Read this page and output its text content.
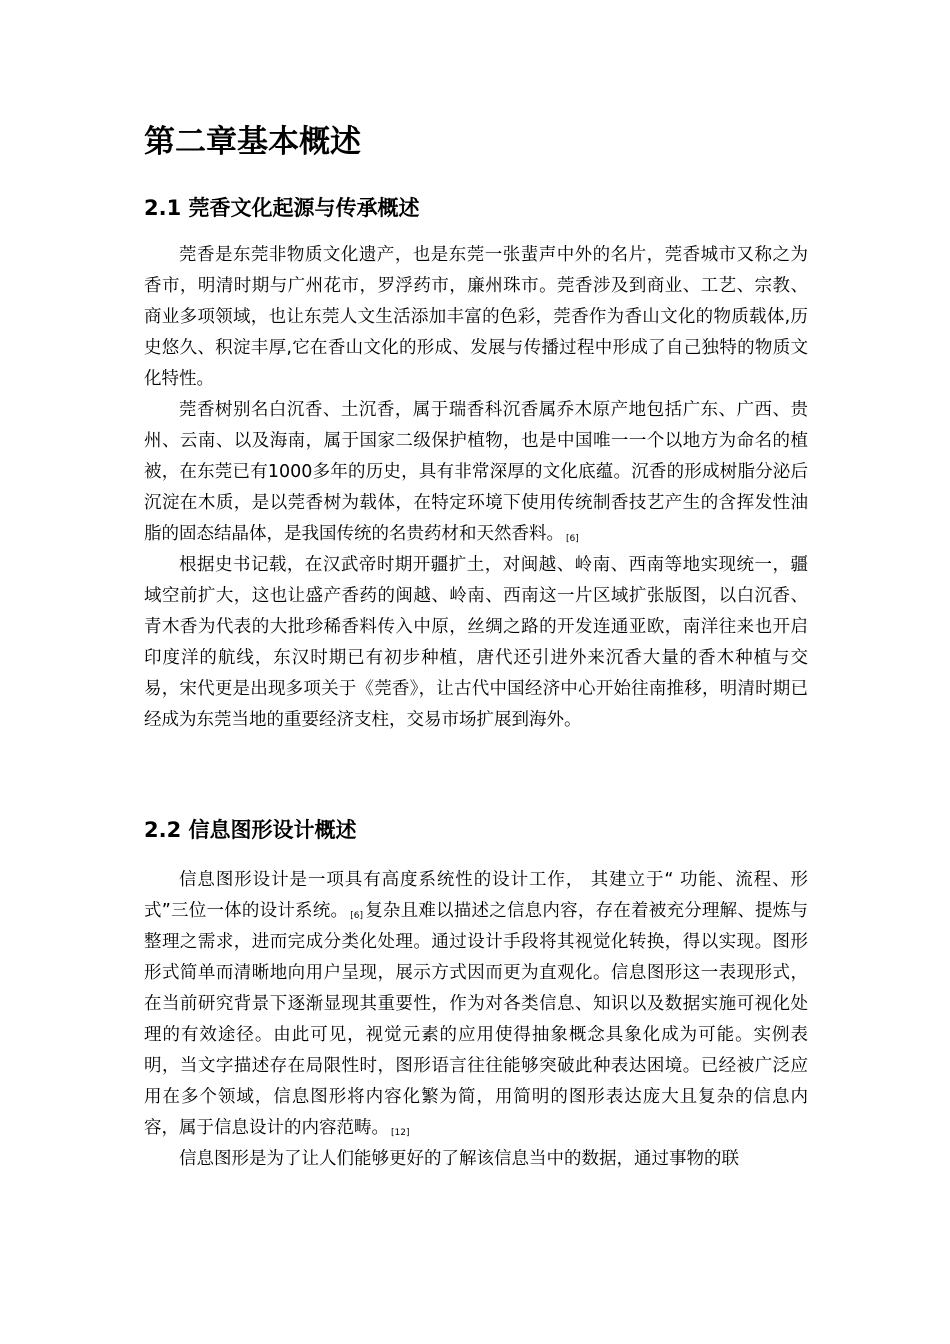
第二章基本概述
2.1 莞香文化起源与传承概述

莞香是东莞非物质文化遗产，也是东莞一张蜚声中外的名片，莞香城市又称之为香市，明清时期与广州花市，罗浮药市，廉州珠市。莞香涉及到商业、工艺、宗教、商业多项领域，也让东莞人文生活添加丰富的色彩，莞香作为香山文化的物质载体,历史悠久、积淀丰厚,它在香山文化的形成、发展与传播过程中形成了自己独特的物质文化特性。

莞香树别名白沉香、土沉香，属于瑞香科沉香属乔木原产地包括广东、广西、贵州、云南、以及海南，属于国家二级保护植物，也是中国唯一一个以地方为命名的植被，在东莞已有1000多年的历史，具有非常深厚的文化底蕴。沉香的形成树脂分泌后沉淀在木质，是以莞香树为载体，在特定环境下使用传统制香技艺产生的含挥发性油脂的固态结晶体，是我国传统的名贵药材和天然香料。 [6]

根据史书记载，在汉武帝时期开疆扩土，对闽越、岭南、西南等地实现统一，疆域空前扩大，这也让盛产香药的闽越、岭南、西南这一片区域扩张版图，以白沉香、青木香为代表的大批珍稀香料传入中原，丝绸之路的开发连通亚欧，南洋往来也开启印度洋的航线，东汉时期已有初步种植，唐代还引进外来沉香大量的香木种植与交易，宋代更是出现多项关于《莞香》，让古代中国经济中心开始往南推移，明清时期已经成为东莞当地的重要经济支柱，交易市场扩展到海外。

2.2 信息图形设计概述

信息图形设计是一项具有高度系统性的设计工作， 其建立于“ 功能、流程、形式”三位一体的设计系统。 [6] 复杂且难以描述之信息内容，存在着被充分理解、提炼与整理之需求，进而完成分类化处理。通过设计手段将其视觉化转换，得以实现。图形形式简单而清晰地向用户呈现，展示方式因而更为直观化。信息图形这一表现形式，在当前研究背景下逐渐显现其重要性，作为对各类信息、知识以及数据实施可视化处理的有效途径。由此可见，视觉元素的应用使得抽象概念具象化成为可能。实例表明，当文字描述存在局限性时，图形语言往往能够突破此种表达困境。已经被广泛应用在多个领域，信息图形将内容化繁为简，用简明的图形表达庞大且复杂的信息内容，属于信息设计的内容范畴。 [12]

信息图形是为了让人们能够更好的了解该信息当中的数据，通过事物的联
